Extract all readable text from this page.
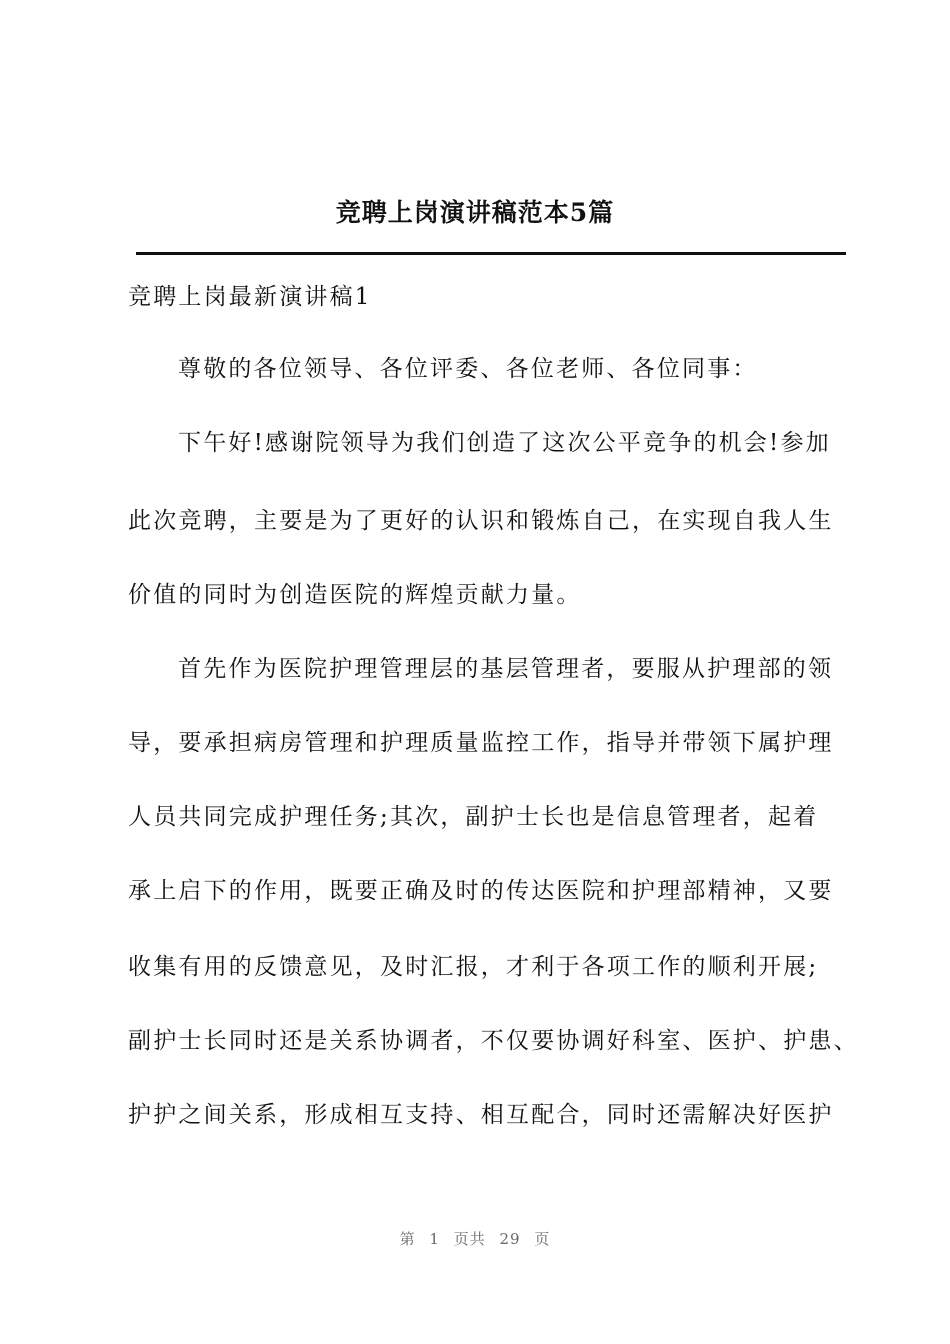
竞聘上岗演讲稿范本5篇
竞聘上岗最新演讲稿1
尊敬的各位领导、各位评委、各位老师、各位同事：
下午好!感谢院领导为我们创造了这次公平竞争的机会!参加
此次竞聘，主要是为了更好的认识和锻炼自己，在实现自我人生
价值的同时为创造医院的辉煌贡献力量。
首先作为医院护理管理层的基层管理者，要服从护理部的领
导，要承担病房管理和护理质量监控工作，指导并带领下属护理
人员共同完成护理任务;其次，副护士长也是信息管理者，起着
承上启下的作用，既要正确及时的传达医院和护理部精神，又要
收集有用的反馈意见，及时汇报，才利于各项工作的顺利开展;
副护士长同时还是关系协调者，不仅要协调好科室、医护、护患、
护护之间关系，形成相互支持、相互配合，同时还需解决好医护
第 1 页共 29 页
